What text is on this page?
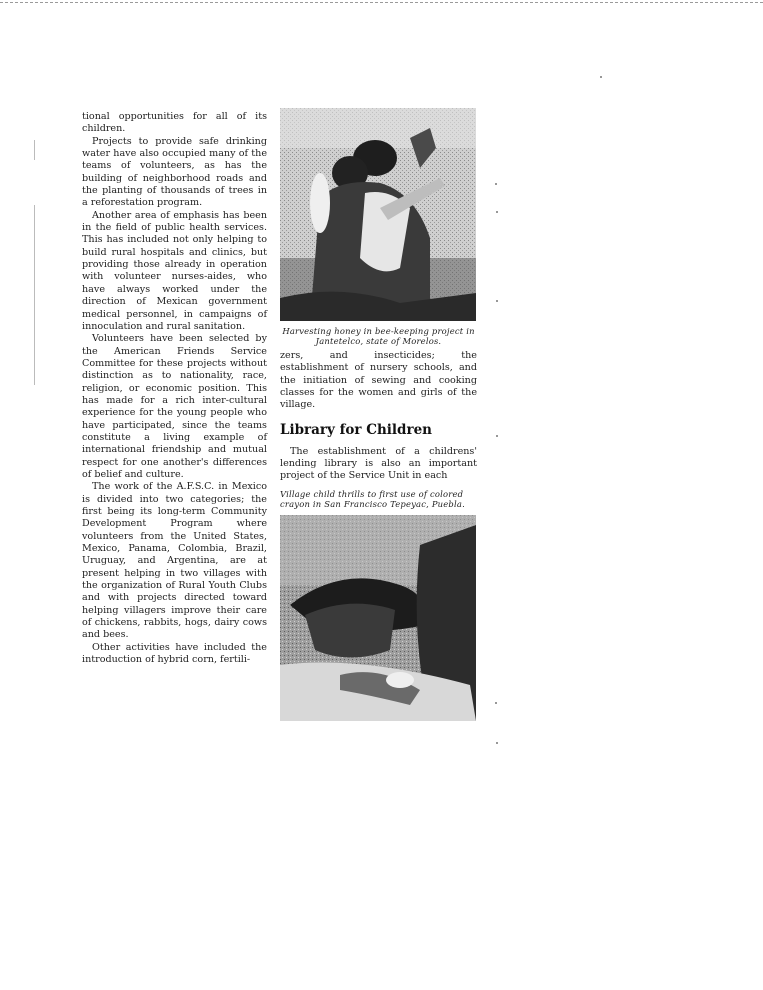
tional opportunities for all of its children.

Projects to provide safe drinking water have also occupied many of the teams of volunteers, as has the building of neighborhood roads and the planting of thousands of trees in a reforestation program.

Another area of emphasis has been in the field of public health services. This has included not only helping to build rural hospitals and clinics, but providing those already in operation with volunteer nurses-aides, who have always worked under the direction of Mexican government medical personnel, in campaigns of innoculation and rural sanitation.

Volunteers have been selected by the American Friends Service Committee for these projects without distinction as to nationality, race, religion, or economic position. This has made for a rich inter-cultural experience for the young people who have participated, since the teams constitute a living example of international friendship and mutual respect for one another's differences of belief and culture.

The work of the A.F.S.C. in Mexico is divided into two categories; the first being its long-term Community Development Program where volunteers from the United States, Mexico, Panama, Colombia, Brazil, Uruguay, and Argentina, are at present helping in two villages with the organization of Rural Youth Clubs and with projects directed toward helping villagers improve their care of chickens, rabbits, hogs, dairy cows and bees.

Other activities have included the introduction of hybrid corn, fertili-

Harvesting honey in bee-keeping project in Jantetelco, state of Morelos.

zers, and insecticides; the establishment of nursery schools, and the initiation of sewing and cooking classes for the women and girls of the village.

Library for Children

The establishment of a childrens' lending library is also an important project of the Service Unit in each

Village child thrills to first use of colored crayon in San Francisco Tepeyac, Puebla.
